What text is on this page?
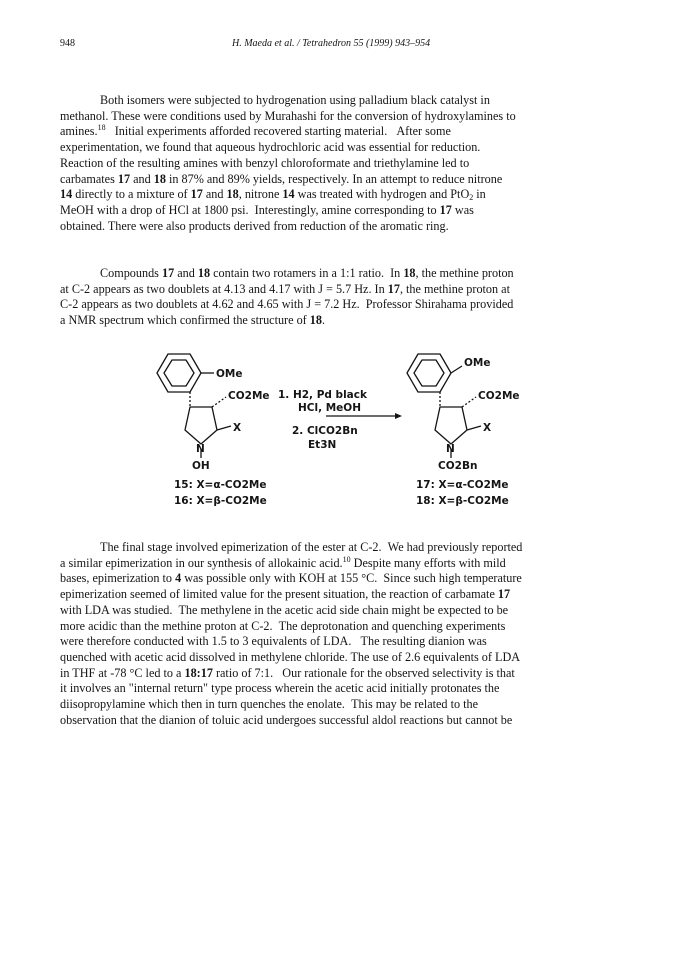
948	H. Maeda et al. / Tetrahedron 55 (1999) 943–954
Both isomers were subjected to hydrogenation using palladium black catalyst in
methanol. These were conditions used by Murahashi for the conversion of hydroxylamines to
amines.$^{18}$   Initial experiments afforded recovered starting material.   After some
experimentation, we found that aqueous hydrochloric acid was essential for reduction.
Reaction of the resulting amines with benzyl chloroformate and triethylamine led to
carbamates 17 and 18 in 87% and 89% yields, respectively. In an attempt to reduce nitrone
14 directly to a mixture of 17 and 18, nitrone 14 was treated with hydrogen and PtO$_2$ in
MeOH with a drop of HCl at 1800 psi.  Interestingly, amine corresponding to 17 was
obtained. There were also products derived from reduction of the aromatic ring.
Compounds 17 and 18 contain two rotamers in a 1:1 ratio.  In 18, the methine proton
at C-2 appears as two doublets at 4.13 and 4.17 with J = 5.7 Hz. In 17, the methine proton at
C-2 appears as two doublets at 4.62 and 4.65 with J = 7.2 Hz.  Professor Shirahama provided
a NMR spectrum which confirmed the structure of 18.
OMe
CO2Me
X
N
OH
15: X=α-CO2Me
16: X=β-CO2Me
1. H2, Pd black
HCl, MeOH
2. ClCO2Bn
Et3N
OMe
CO2Me
X
N
CO2Bn
17: X=α-CO2Me
18: X=β-CO2Me
The final stage involved epimerization of the ester at C-2.  We had previously reported
a similar epimerization in our synthesis of allokainic acid.$^{10}$ Despite many efforts with mild
bases, epimerization to 4 was possible only with KOH at 155 °C.  Since such high temperature
epimerization seemed of limited value for the present situation, the reaction of carbamate 17
with LDA was studied.  The methylene in the acetic acid side chain might be expected to be
more acidic than the methine proton at C-2.  The deprotonation and quenching experiments
were therefore conducted with 1.5 to 3 equivalents of LDA.   The resulting dianion was
quenched with acetic acid dissolved in methylene chloride. The use of 2.6 equivalents of LDA
in THF at -78 °C led to a 18:17 ratio of 7:1.   Our rationale for the observed selectivity is that
it involves an "internal return" type process wherein the acetic acid initially protonates the
diisopropylamine which then in turn quenches the enolate.  This may be related to the
observation that the dianion of toluic acid undergoes successful aldol reactions but cannot be
